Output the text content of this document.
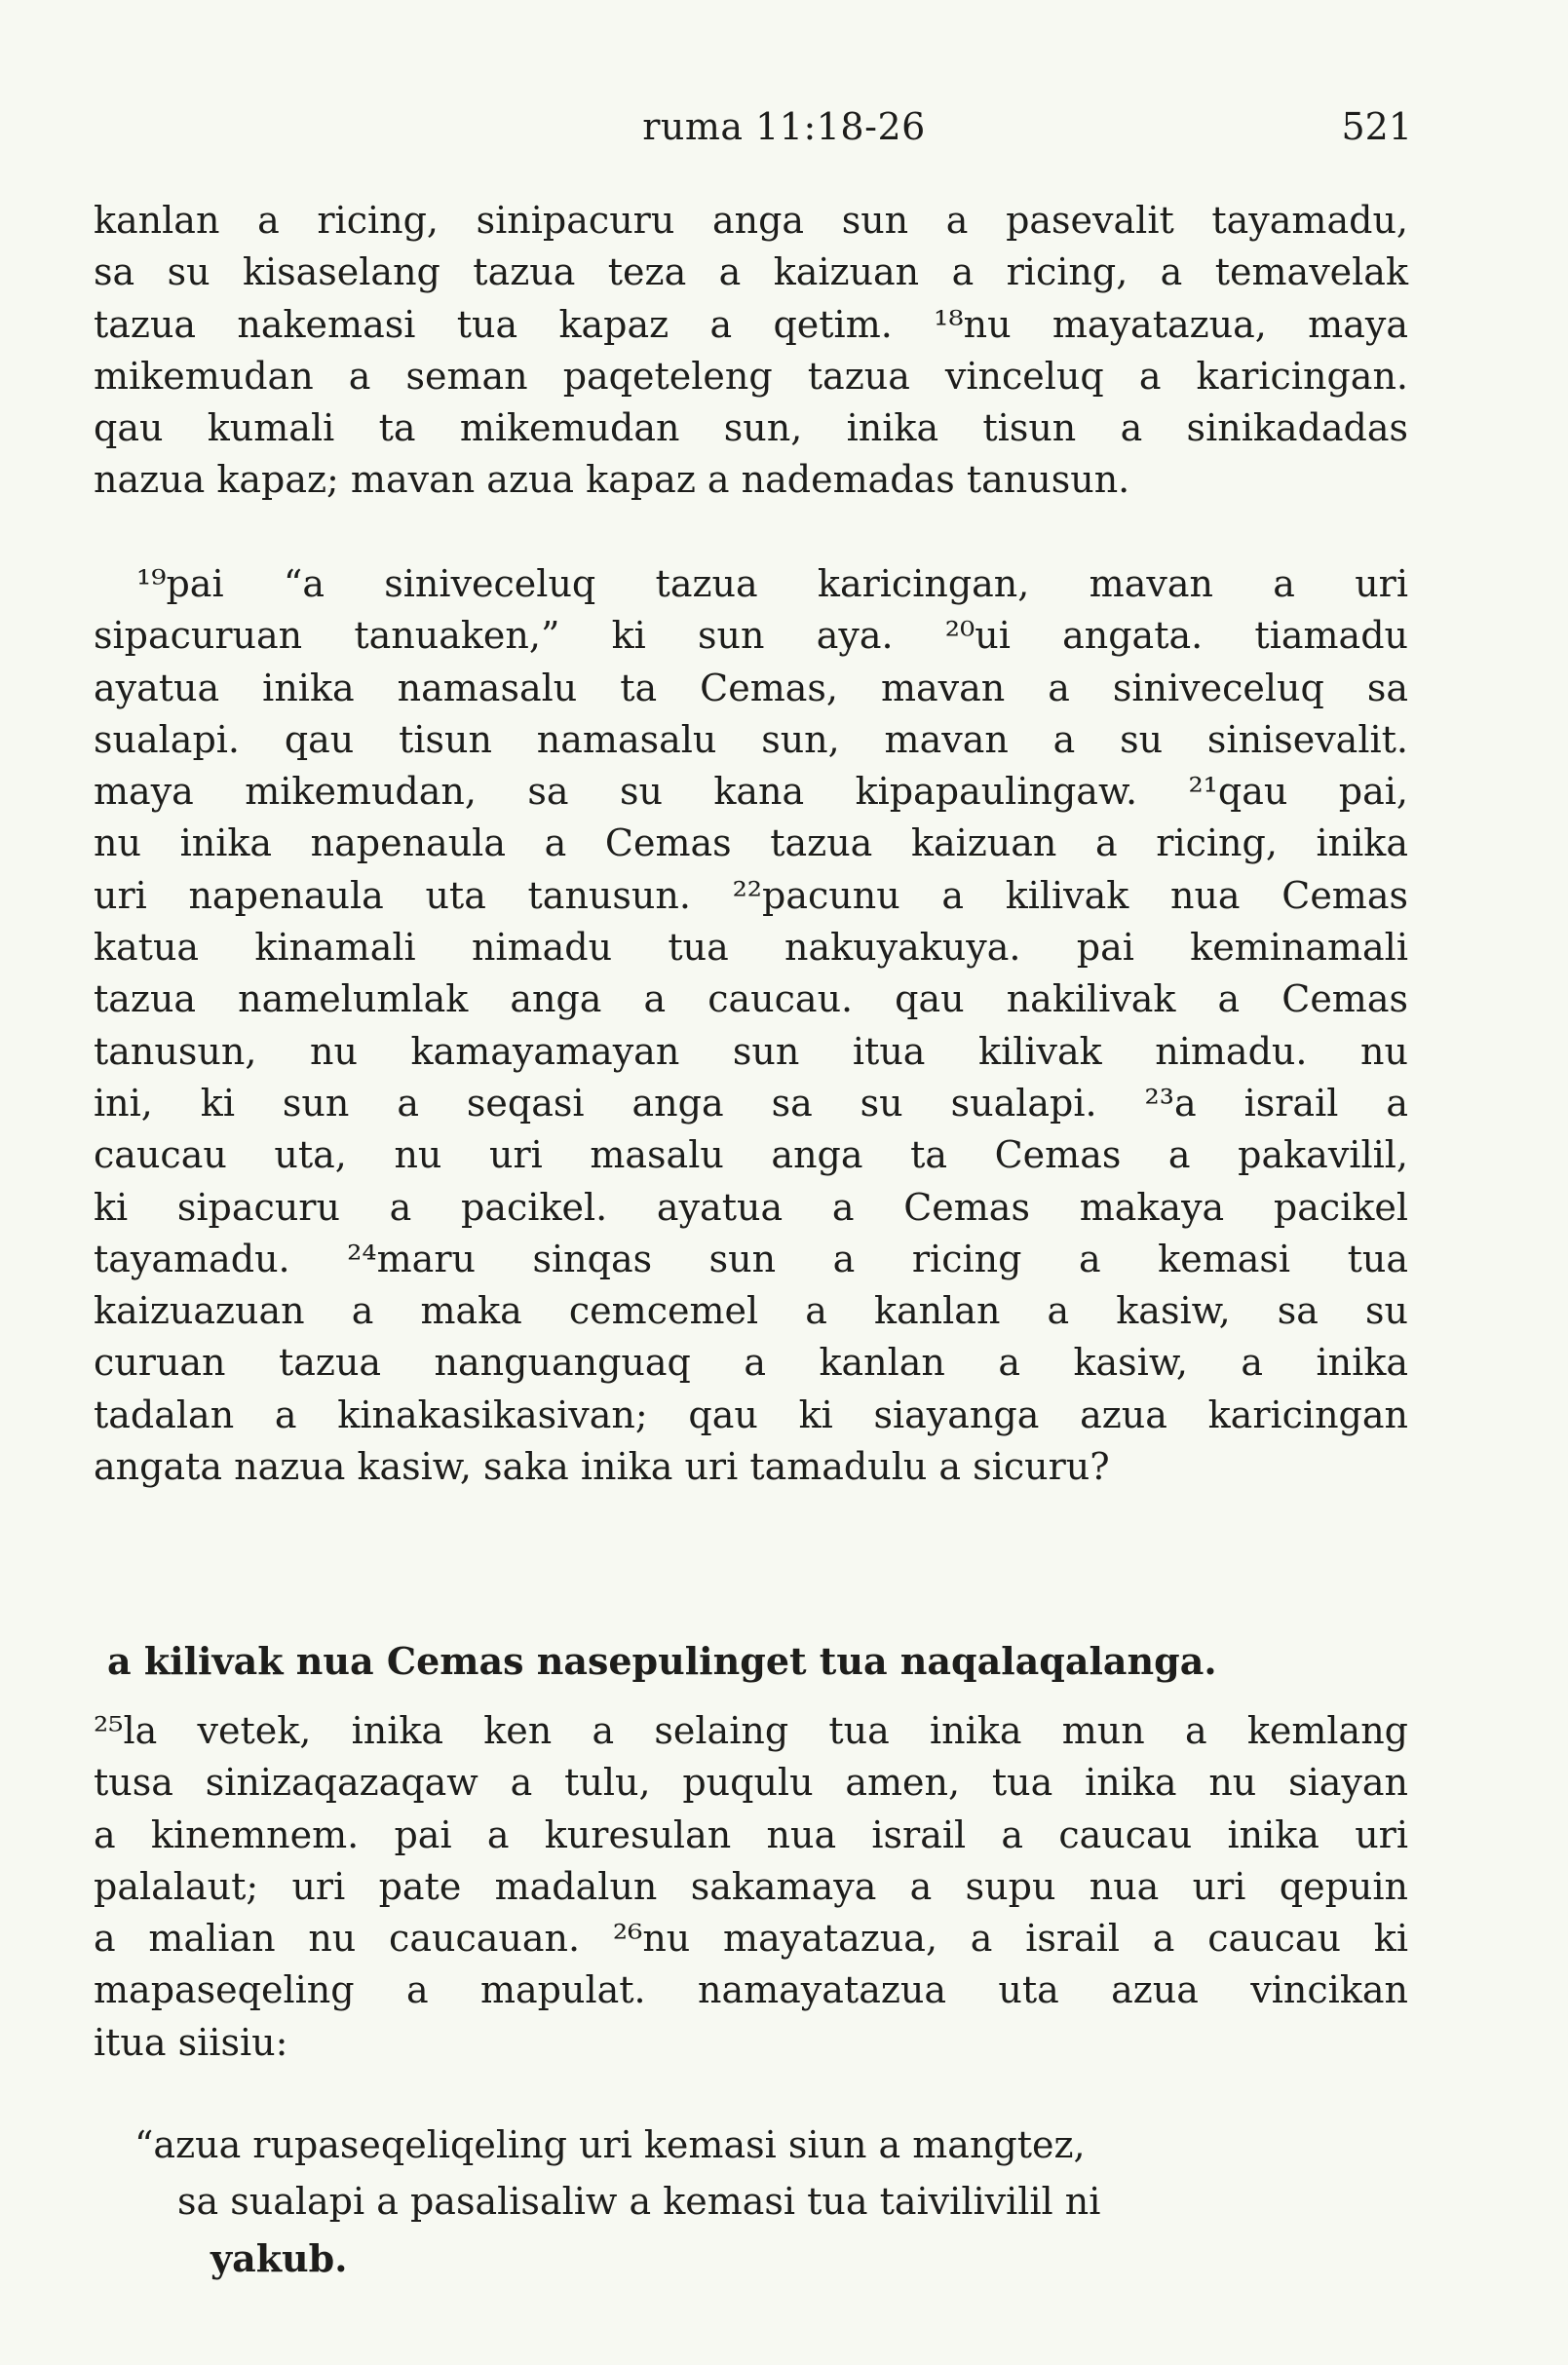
ruma 11:18-26	521
kanlan a ricing, sinipacuru anga sun a pasevalit tayamadu,
sa su kisaselang tazua teza a kaizuan a ricing, a temavelak
tazua nakemasi tua kapaz a qetim. ¹⁸nu mayatazua, maya
mikemudan a seman paqeteleng tazua vinceluq a karicingan.
qau kumali ta mikemudan sun, inika tisun a sinikadadas
nazua kapaz; mavan azua kapaz a nademadas tanusun.
¹⁹pai “a siniveceluq tazua karicingan, mavan a uri
sipacuruan tanuaken,” ki sun aya. ²⁰ui angata. tiamadu
ayatua inika namasalu ta Cemas, mavan a siniveceluq sa
sualapi. qau tisun namasalu sun, mavan a su sinisevalit.
maya mikemudan, sa su kana kipapaulingaw. ²¹qau pai,
nu inika napenaula a Cemas tazua kaizuan a ricing, inika
uri napenaula uta tanusun. ²²pacunu a kilivak nua Cemas
katua kinamali nimadu tua nakuyakuya. pai keminamali
tazua namelumlak anga a caucau. qau nakilivak a Cemas
tanusun, nu kamayamayan sun itua kilivak nimadu. nu
ini, ki sun a seqasi anga sa su sualapi. ²³a israil a
caucau uta, nu uri masalu anga ta Cemas a pakavilil,
ki sipacuru a pacikel. ayatua a Cemas makaya pacikel
tayamadu. ²⁴maru sinqas sun a ricing a kemasi tua
kaizuazuan a maka cemcemel a kanlan a kasiw, sa su
curuan tazua nanguanguaq a kanlan a kasiw, a inika
tadalan a kinakasikasivan; qau ki siayanga azua karicingan
angata nazua kasiw, saka inika uri tamadulu a sicuru?
a kilivak nua Cemas nasepulinget tua naqalaqalanga.
²⁵la vetek, inika ken a selaing tua inika mun a kemlang
tusa sinizaqazaqaw a tulu, puqulu amen, tua inika nu siayan
a kinemnem. pai a kuresulan nua israil a caucau inika uri
palalaut; uri pate madalun sakamaya a supu nua uri qepuin
a malian nu caucauan. ²⁶nu mayatazua, a israil a caucau ki
mapaseqeling a mapulat. namayatazua uta azua vincikan
itua siisiu:
“azua rupaseqeliqeling uri kemasi siun a mangtez,
sa sualapi a pasalisaliw a kemasi tua taivilivilil ni
yakub.
